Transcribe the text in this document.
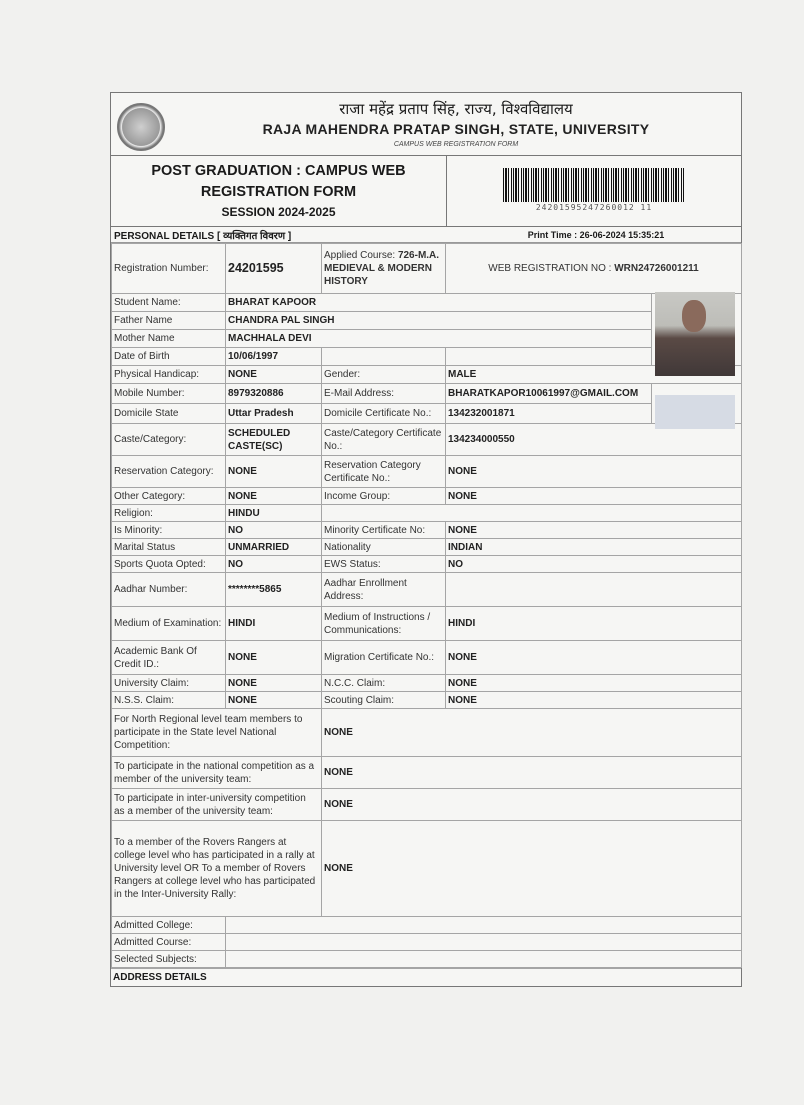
राजा महेंद्र प्रताप सिंह, राज्य, विश्वविद्यालय
RAJA MAHENDRA PRATAP SINGH, STATE, UNIVERSITY
CAMPUS WEB REGISTRATION FORM
POST GRADUATION : CAMPUS WEB
REGISTRATION FORM
SESSION 2024-2025	24201595247260012 11
PERSONAL DETAILS [ व्यक्तिगत विवरण ]	Print Time : 26-06-2024 15:35:21
Registration Number:	24201595	Applied Course: 726-M.A. MEDIEVAL & MODERN HISTORY	WEB REGISTRATION NO : WRN24726001211	
Student Name:	BHARAT KAPOOR			
Father Name	CHANDRA PAL SINGH			
Mother Name	MACHHALA DEVI			
Date of Birth	10/06/1997			
Physical Handicap:	NONE	Gender:	MALE	
Mobile Number:	8979320886	E-Mail Address:	BHARATKAPOR10061997@GMAIL.COM	
Domicile State	Uttar Pradesh	Domicile Certificate No.:	134232001871	
Caste/Category:	SCHEDULED CASTE(SC)	Caste/Category Certificate No.:	134234000550	
Reservation Category:	NONE	Reservation Category Certificate No.:	NONE	
Other Category:	NONE	Income Group:	NONE	
Religion:	HINDU			
Is Minority:	NO	Minority Certificate No:	NONE	
Marital Status	UNMARRIED	Nationality	INDIAN	
Sports Quota Opted:	NO	EWS Status:	NO	
Aadhar Number:	********5865	Aadhar Enrollment Address:		
Medium of Examination:	HINDI	Medium of Instructions / Communications:	HINDI	
Academic Bank Of Credit ID.:	NONE	Migration Certificate No.:	NONE	
University Claim:	NONE	N.C.C. Claim:	NONE	
N.S.S. Claim:	NONE	Scouting Claim:	NONE	
For North Regional level team members to participate in the State level National Competition:		NONE		
To participate in the national competition as a member of the university team:		NONE		
To participate in inter-university competition as a member of the university team:		NONE		
To a member of the Rovers Rangers at college level who has participated in a rally at University level OR To a member of Rovers Rangers at college level who has participated in the Inter-University Rally:		NONE		
Admitted College:				
Admitted Course:				
Selected Subjects:				
ADDRESS DETAILS
